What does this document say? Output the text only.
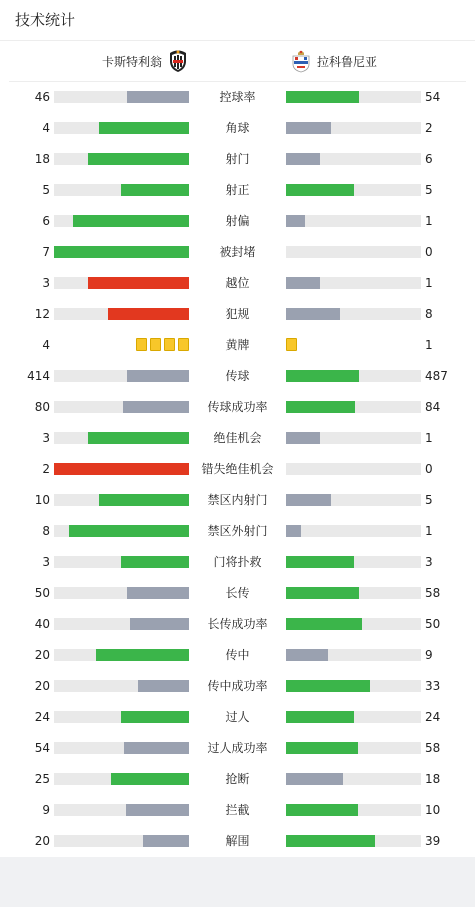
技术统计
卡斯特利翁	拉科鲁尼亚
46	控球率	54
4	角球	2
18	射门	6
5	射正	5
6	射偏	1
7	被封堵	0
3	越位	1
12	犯规	8
4	黄牌	1
414	传球	487
80	传球成功率	84
3	绝佳机会	1
2	错失绝佳机会	0
10	禁区内射门	5
8	禁区外射门	1
3	门将扑救	3
50	长传	58
40	长传成功率	50
20	传中	9
20	传中成功率	33
24	过人	24
54	过人成功率	58
25	抢断	18
9	拦截	10
20	解围	39
